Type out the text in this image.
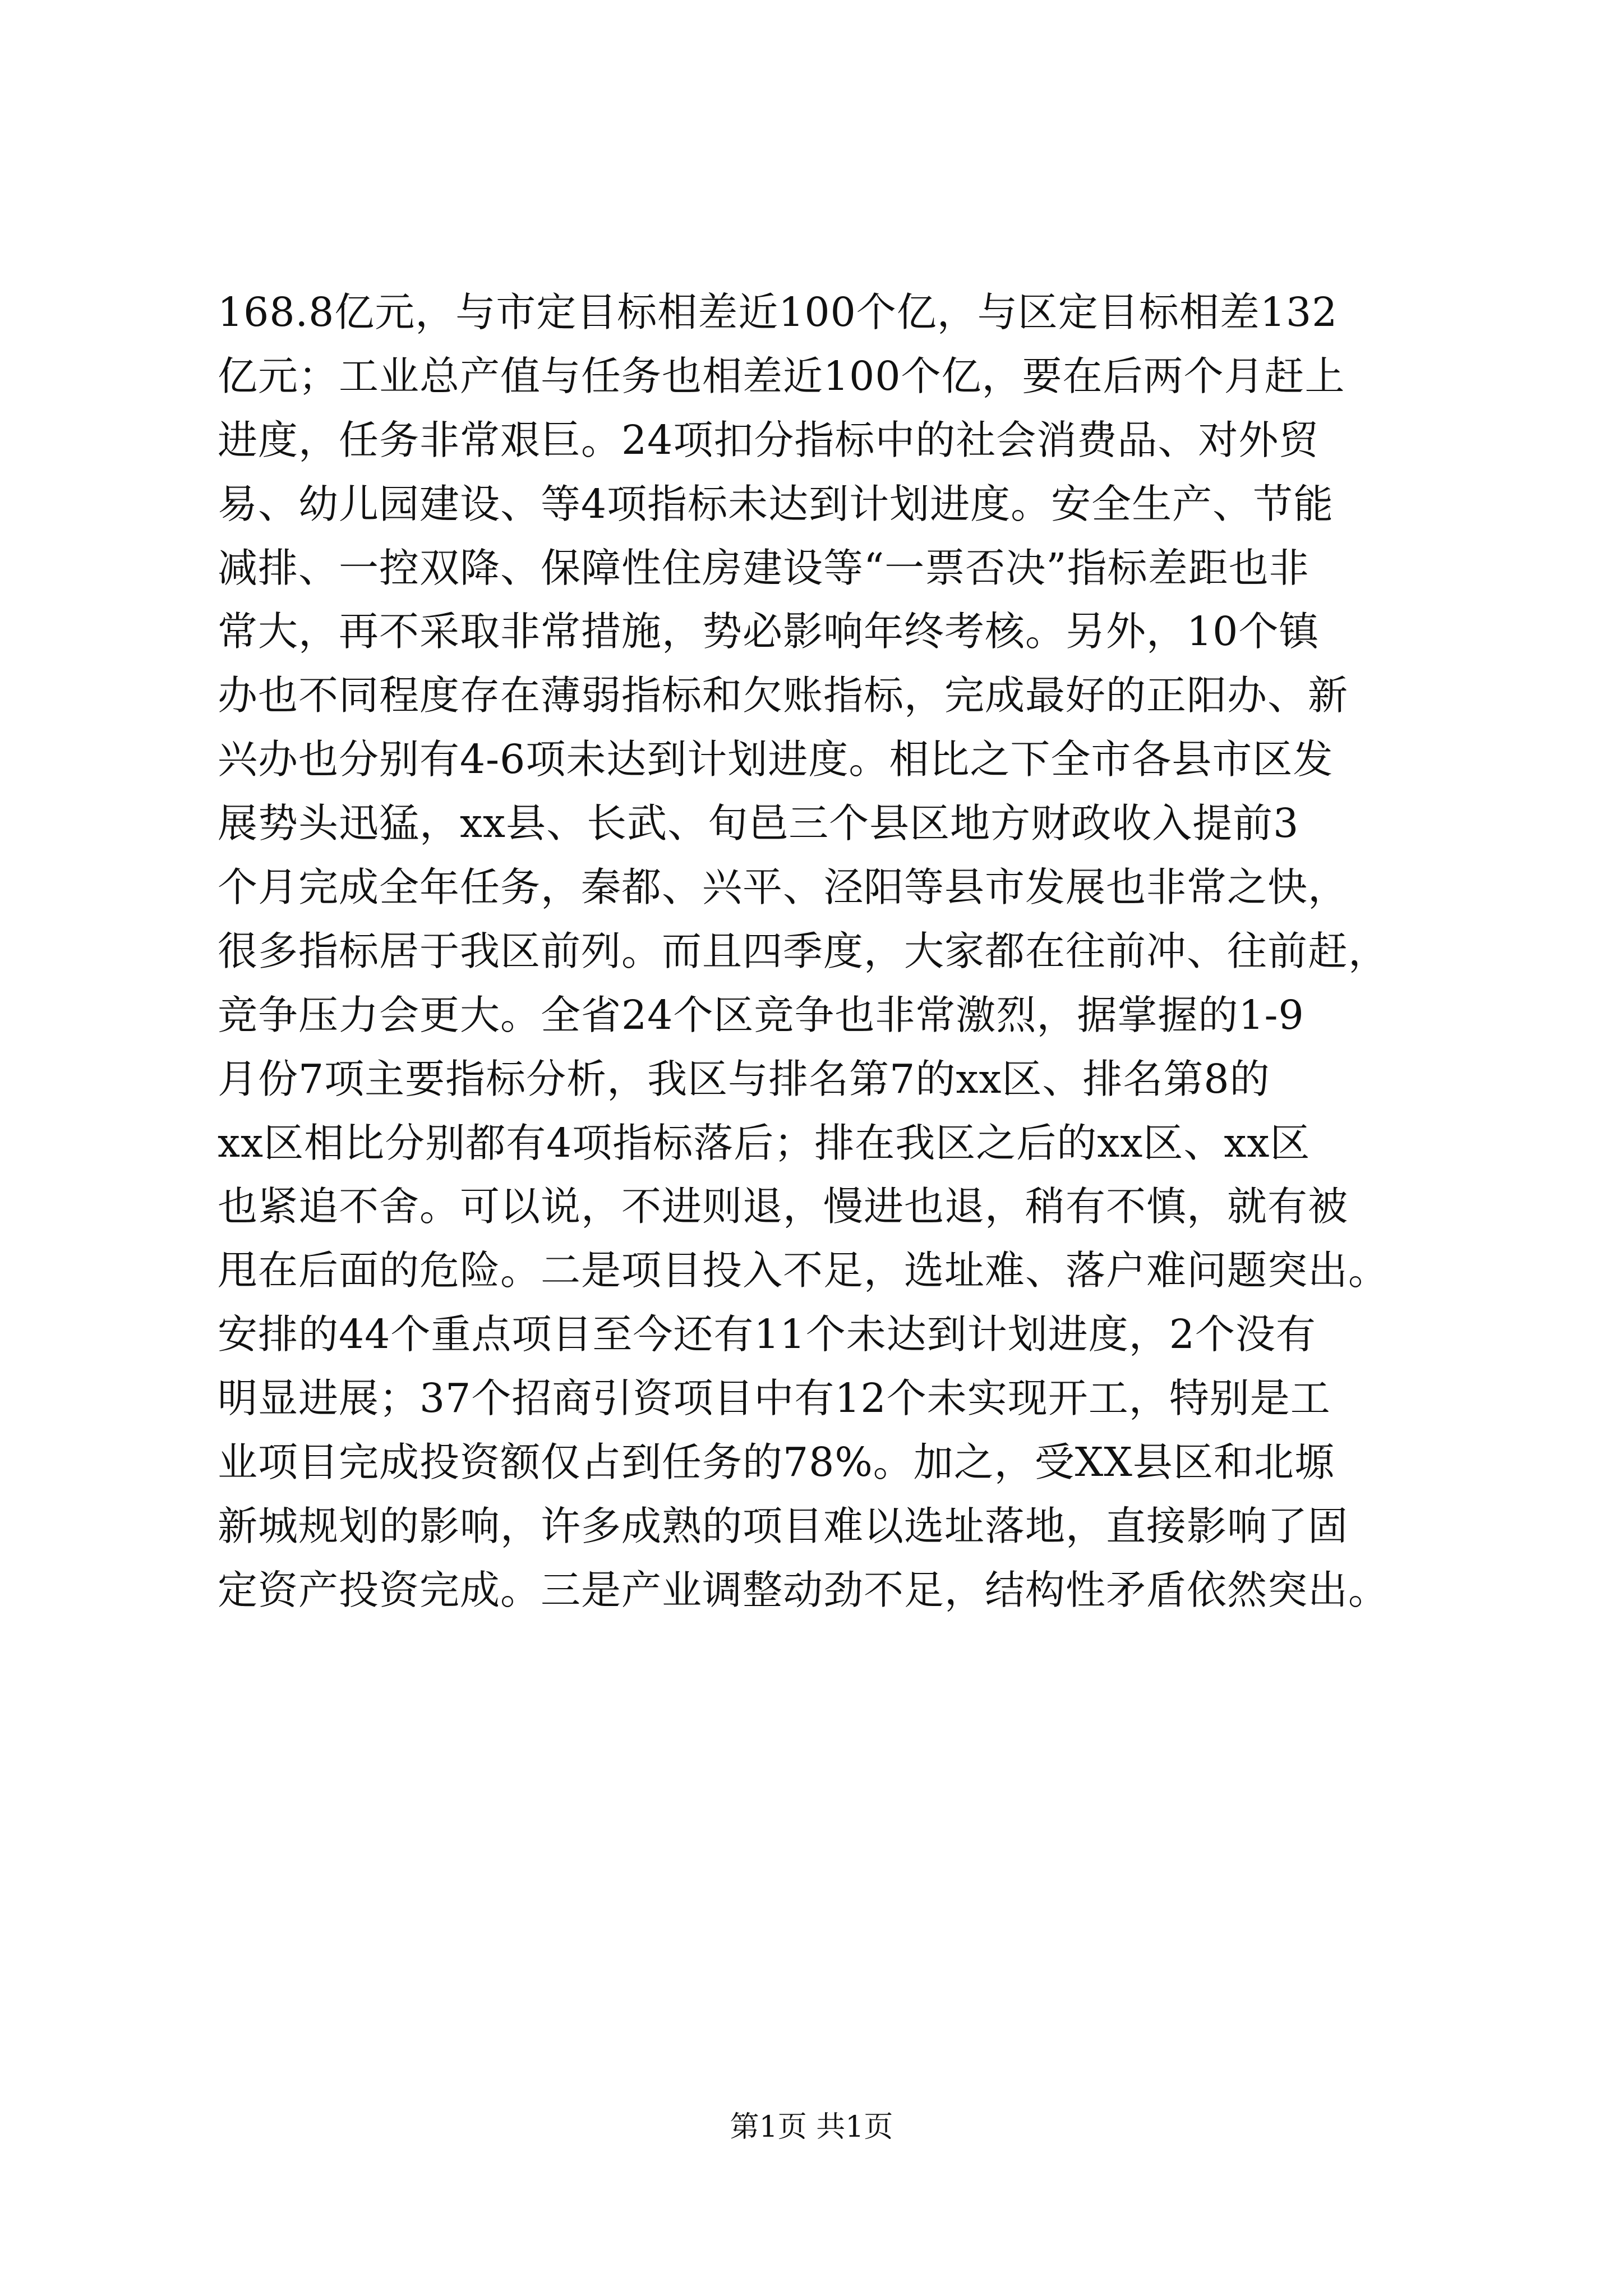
168.8亿元，与市定目标相差近100个亿，与区定目标相差132
亿元；工业总产值与任务也相差近100个亿，要在后两个月赶上
进度，任务非常艰巨。24项扣分指标中的社会消费品、对外贸
易、幼儿园建设、等4项指标未达到计划进度。安全生产、节能
减排、一控双降、保障性住房建设等“一票否决”指标差距也非
常大，再不采取非常措施，势必影响年终考核。另外，10个镇
办也不同程度存在薄弱指标和欠账指标，完成最好的正阳办、新
兴办也分别有4-6项未达到计划进度。相比之下全市各县市区发
展势头迅猛，xx县、长武、旬邑三个县区地方财政收入提前3
个月完成全年任务，秦都、兴平、泾阳等县市发展也非常之快，
很多指标居于我区前列。而且四季度，大家都在往前冲、往前赶，
竞争压力会更大。全省24个区竞争也非常激烈，据掌握的1-9
月份7项主要指标分析，我区与排名第7的xx区、排名第8的
xx区相比分别都有4项指标落后；排在我区之后的xx区、xx区
也紧追不舍。可以说，不进则退，慢进也退，稍有不慎，就有被
甩在后面的危险。二是项目投入不足，选址难、落户难问题突出。
安排的44个重点项目至今还有11个未达到计划进度，2个没有
明显进展；37个招商引资项目中有12个未实现开工，特别是工
业项目完成投资额仅占到任务的78%。加之，受XX县区和北塬
新城规划的影响，许多成熟的项目难以选址落地，直接影响了固
定资产投资完成。三是产业调整动劲不足，结构性矛盾依然突出。
第1页 共1页
